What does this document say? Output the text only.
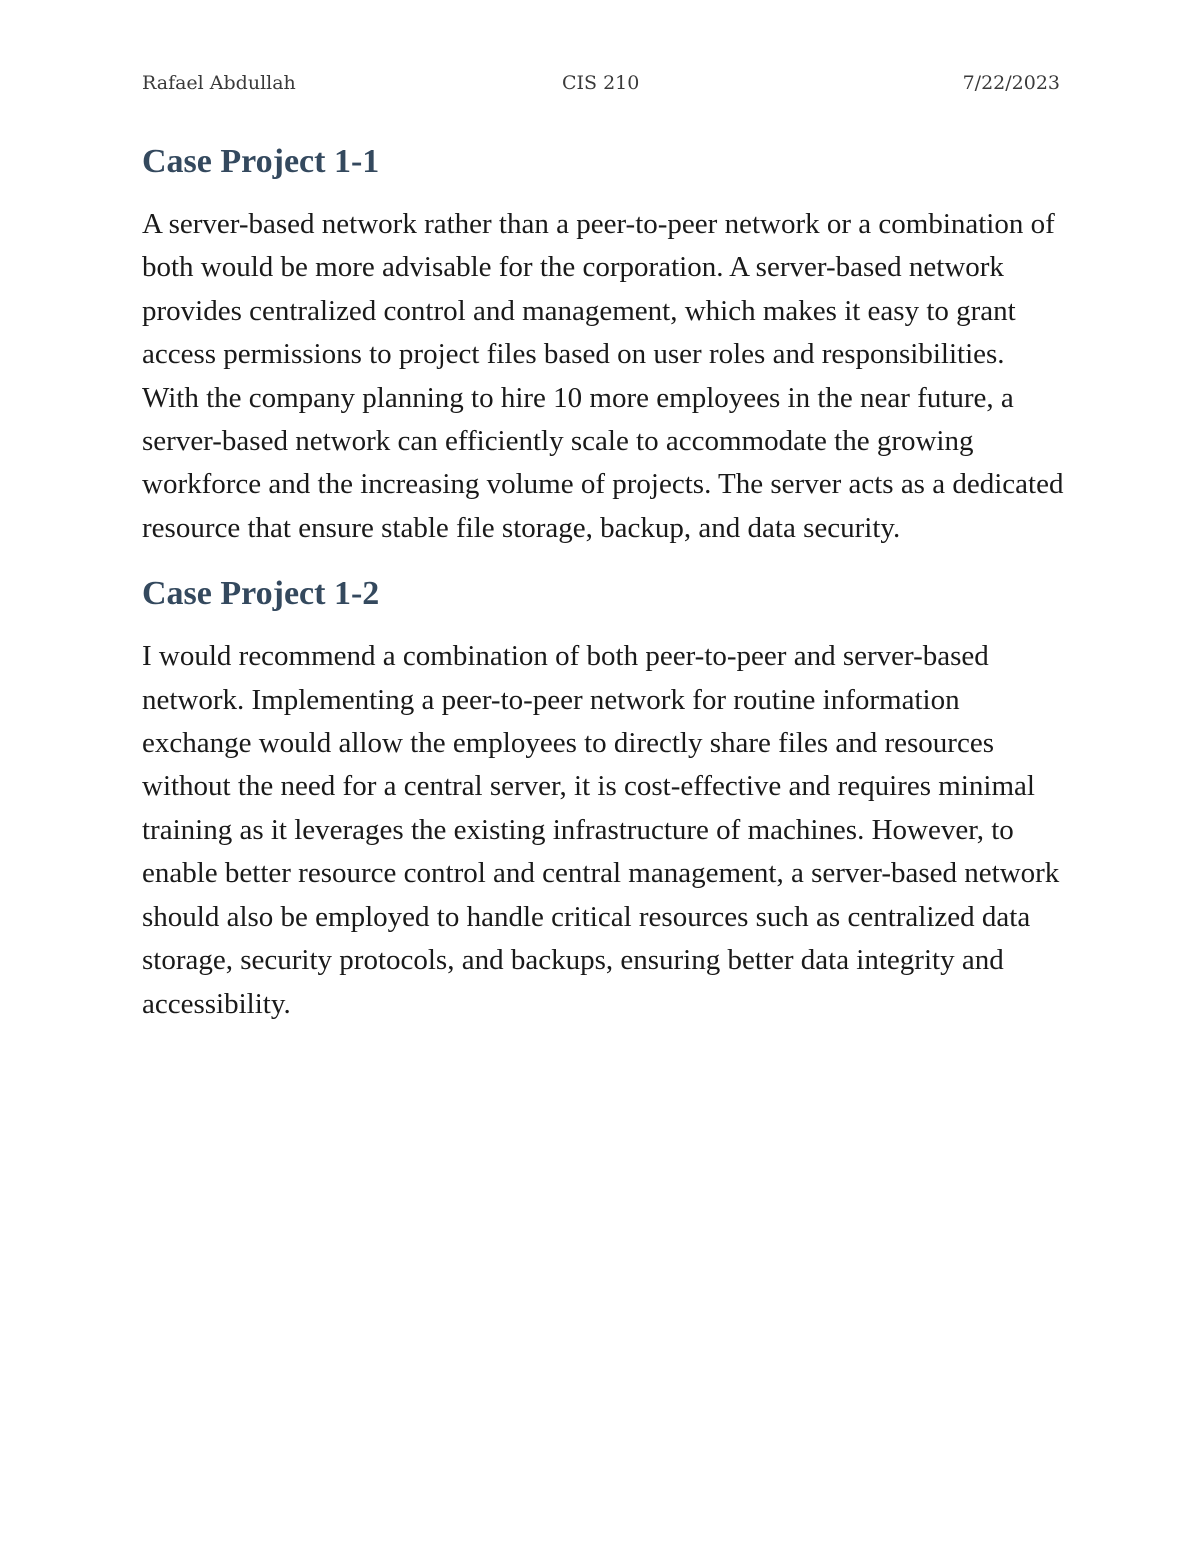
Rafael Abdullah	CIS 210	7/22/2023
Case Project 1-1

A server-based network rather than a peer-to-peer network or a combination of both would be more advisable for the corporation. A server-based network provides centralized control and management, which makes it easy to grant access permissions to project files based on user roles and responsibilities. With the company planning to hire 10 more employees in the near future, a server-based network can efficiently scale to accommodate the growing workforce and the increasing volume of projects. The server acts as a dedicated resource that ensure stable file storage, backup, and data security.

Case Project 1-2

I would recommend a combination of both peer-to-peer and server-based network. Implementing a peer-to-peer network for routine information exchange would allow the employees to directly share files and resources without the need for a central server, it is cost-effective and requires minimal training as it leverages the existing infrastructure of machines. However, to enable better resource control and central management, a server-based network should also be employed to handle critical resources such as centralized data storage, security protocols, and backups, ensuring better data integrity and accessibility.
